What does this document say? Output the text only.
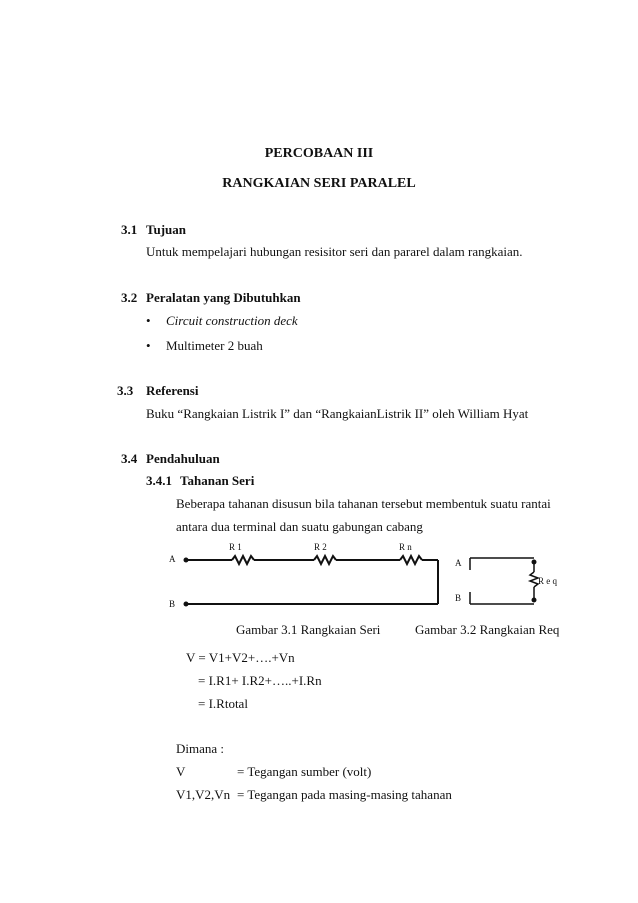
PERCOBAAN III
RANGKAIAN SERI PARALEL
3.1 Tujuan
Untuk mempelajari hubungan resisitor seri dan pararel dalam rangkaian.
3.2 Peralatan yang Dibutuhkan
• Circuit construction deck
• Multimeter 2 buah
3.3 Referensi
Buku “Rangkaian Listrik I” dan “RangkaianListrik II” oleh William Hyat
3.4 Pendahuluan
3.4.1 Tahanan Seri
Beberapa tahanan disusun bila tahanan tersebut membentuk suatu rantai
antara dua terminal dan suatu gabungan cabang
R 1	R 2	R n
A
B
A
B
R e q
Gambar 3.1 Rangkaian Seri	Gambar 3.2 Rangkaian Req
V = V1+V2+….+Vn
= I.R1+ I.R2+…..+I.Rn
= I.Rtotal
Dimana :
V	= Tegangan sumber (volt)
V1,V2,Vn = Tegangan pada masing-masing tahanan
